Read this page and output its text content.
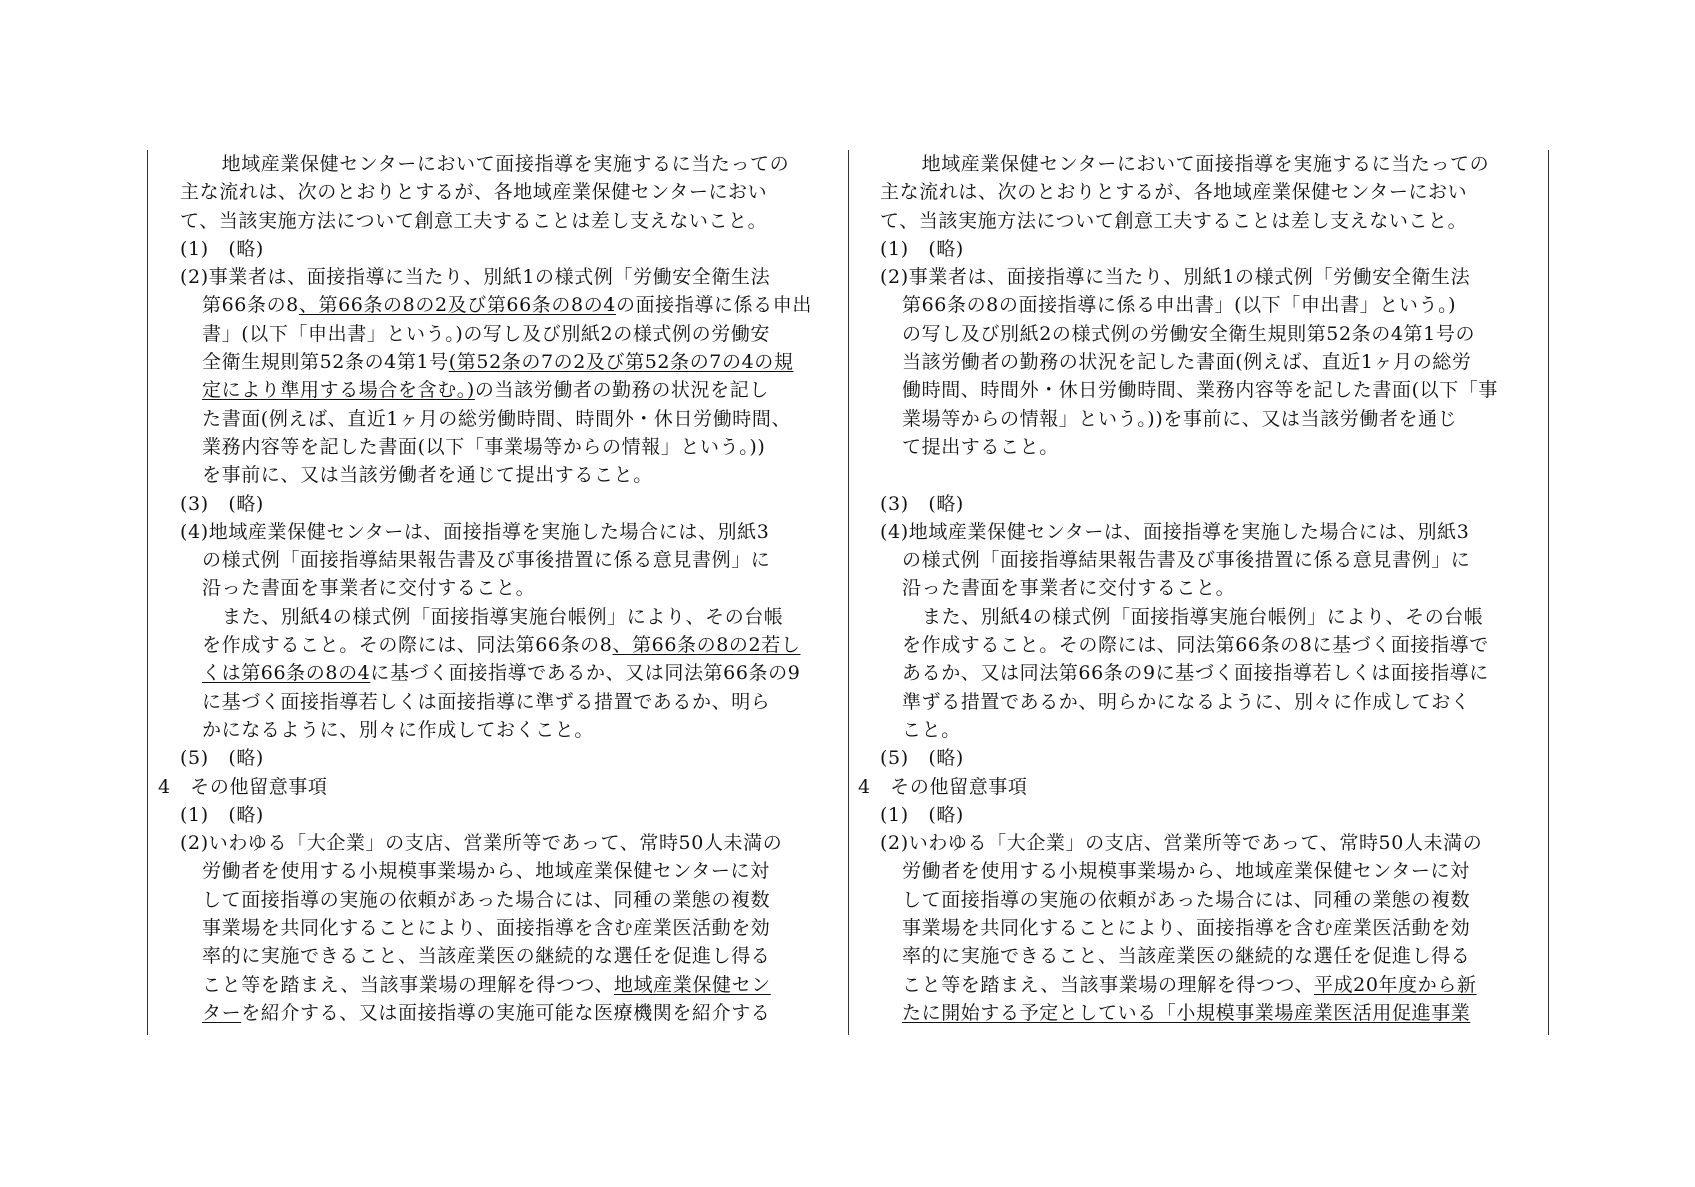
　地域産業保健センターにおいて面接指導を実施するに当たっての
主な流れは、次のとおりとするが、各地域産業保健センターにおい
て、当該実施方法について創意工夫することは差し支えないこと。
(1)　(略)
(2)事業者は、面接指導に当たり、別紙1の様式例「労働安全衛生法
第66条の8、第66条の8の2及び第66条の8の4の面接指導に係る申出
書」(以下「申出書」という。)の写し及び別紙2の様式例の労働安
全衛生規則第52条の4第1号(第52条の7の2及び第52条の7の4の規
定により準用する場合を含む。)の当該労働者の勤務の状況を記し
た書面(例えば、直近1ヶ月の総労働時間、時間外・休日労働時間、
業務内容等を記した書面(以下「事業場等からの情報」という。))
を事前に、又は当該労働者を通じて提出すること。
(3)　(略)
(4)地域産業保健センターは、面接指導を実施した場合には、別紙3
の様式例「面接指導結果報告書及び事後措置に係る意見書例」に
沿った書面を事業者に交付すること。
また、別紙4の様式例「面接指導実施台帳例」により、その台帳
を作成すること。その際には、同法第66条の8、第66条の8の2若し
くは第66条の8の4に基づく面接指導であるか、又は同法第66条の9
に基づく面接指導若しくは面接指導に準ずる措置であるか、明ら
かになるように、別々に作成しておくこと。
(5)　(略)
4　その他留意事項
(1)　(略)
(2)いわゆる「大企業」の支店、営業所等であって、常時50人未満の
労働者を使用する小規模事業場から、地域産業保健センターに対
して面接指導の実施の依頼があった場合には、同種の業態の複数
事業場を共同化することにより、面接指導を含む産業医活動を効
率的に実施できること、当該産業医の継続的な選任を促進し得る
こと等を踏まえ、当該事業場の理解を得つつ、地域産業保健セン
ターを紹介する、又は面接指導の実施可能な医療機関を紹介する
　地域産業保健センターにおいて面接指導を実施するに当たっての
主な流れは、次のとおりとするが、各地域産業保健センターにおい
て、当該実施方法について創意工夫することは差し支えないこと。
(1)　(略)
(2)事業者は、面接指導に当たり、別紙1の様式例「労働安全衛生法
第66条の8の面接指導に係る申出書」(以下「申出書」という。)
の写し及び別紙2の様式例の労働安全衛生規則第52条の4第1号の
当該労働者の勤務の状況を記した書面(例えば、直近1ヶ月の総労
働時間、時間外・休日労働時間、業務内容等を記した書面(以下「事
業場等からの情報」という。))を事前に、又は当該労働者を通じ
て提出すること。
(3)　(略)
(4)地域産業保健センターは、面接指導を実施した場合には、別紙3
の様式例「面接指導結果報告書及び事後措置に係る意見書例」に
沿った書面を事業者に交付すること。
また、別紙4の様式例「面接指導実施台帳例」により、その台帳
を作成すること。その際には、同法第66条の8に基づく面接指導で
あるか、又は同法第66条の9に基づく面接指導若しくは面接指導に
準ずる措置であるか、明らかになるように、別々に作成しておく
こと。
(5)　(略)
4　その他留意事項
(1)　(略)
(2)いわゆる「大企業」の支店、営業所等であって、常時50人未満の
労働者を使用する小規模事業場から、地域産業保健センターに対
して面接指導の実施の依頼があった場合には、同種の業態の複数
事業場を共同化することにより、面接指導を含む産業医活動を効
率的に実施できること、当該産業医の継続的な選任を促進し得る
こと等を踏まえ、当該事業場の理解を得つつ、平成20年度から新
たに開始する予定としている「小規模事業場産業医活用促進事業
